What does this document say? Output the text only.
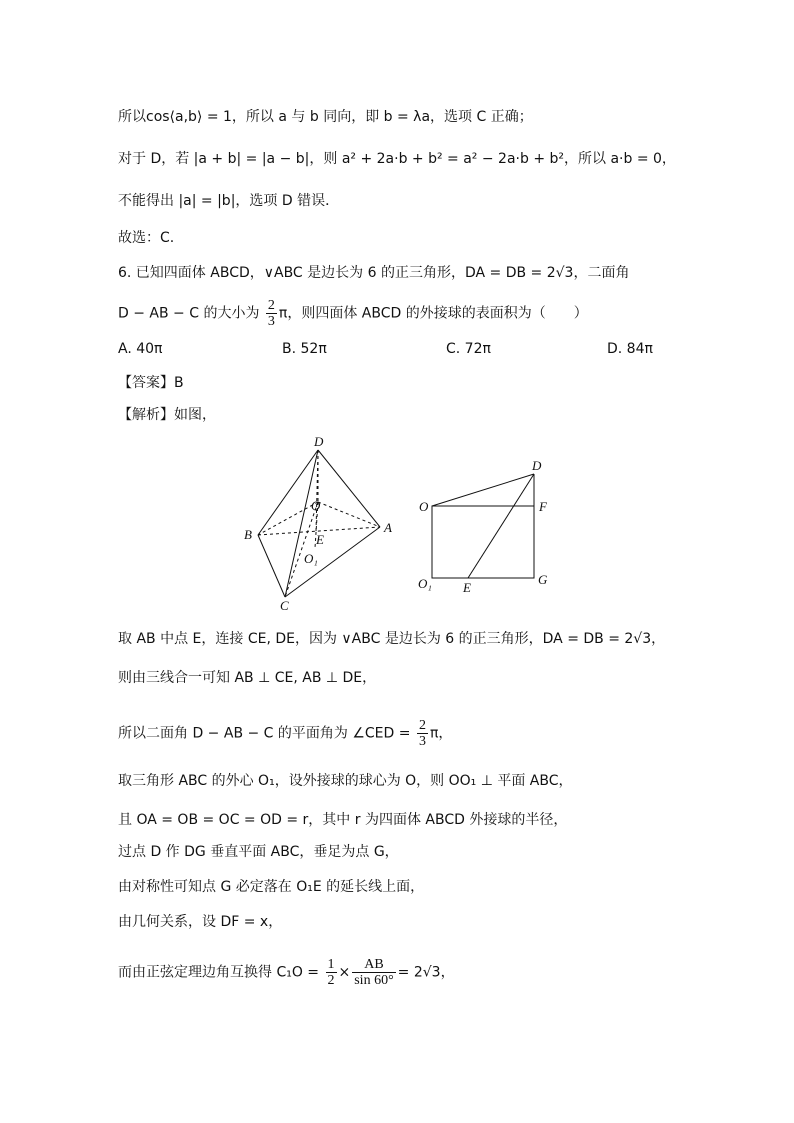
所以cos⟨a,b⟩ = 1，所以 a 与 b 同向，即 b = λa，选项 C 正确；
对于 D，若 |a + b| = |a − b|，则 a² + 2a·b + b² = a² − 2a·b + b²，所以 a·b = 0，
不能得出 |a| = |b|，选项 D 错误．
故选：C.
6. 已知四面体 ABCD，∨ABC 是边长为 6 的正三角形，DA = DB = 2√3，二面角
D − AB − C 的大小为 $\frac{2}{3}$ π，则四面体 ABCD 的外接球的表面积为（　　）
A. 40π	B. 52π	C. 72π	D. 84π
【答案】B
【解析】如图，
D
O
B	A
E
O₁
C
D
O	F
O₁ E
G
取 AB 中点 E，连接 CE, DE，因为 ∨ABC 是边长为 6 的正三角形，DA = DB = 2√3，
则由三线合一可知 AB ⊥ CE, AB ⊥ DE，
所以二面角 D − AB − C 的平面角为 ∠CED = $\frac{2}{3}$ π，
取三角形 ABC 的外心 O₁，设外接球的球心为 O，则 OO₁ ⊥ 平面 ABC，
且 OA = OB = OC = OD = r，其中 r 为四面体 ABCD 外接球的半径，
过点 D 作 DG 垂直平面 ABC，垂足为点 G，
由对称性可知点 G 必定落在 O₁E 的延长线上面，
由几何关系，设 DF = x，
而由正弦定理边角互换得 $C_1O = \frac{1}{2} \times \frac{AB}{\sin 60^\circ} = 2√3$，
